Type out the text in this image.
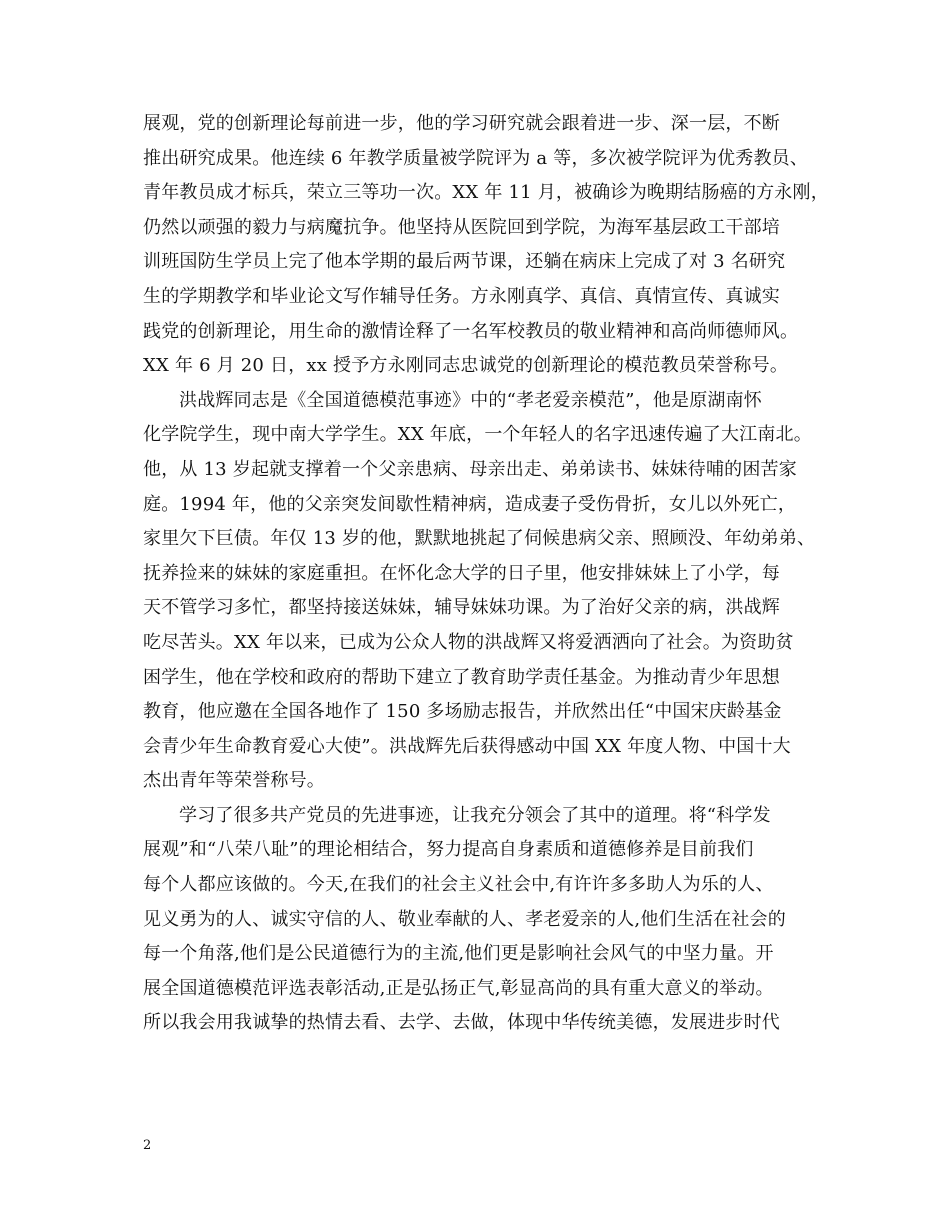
展观，党的创新理论每前进一步，他的学习研究就会跟着进一步、深一层，不断
推出研究成果。他连续 6 年教学质量被学院评为 a 等，多次被学院评为优秀教员、
青年教员成才标兵，荣立三等功一次。XX 年 11 月，被确诊为晚期结肠癌的方永刚，
仍然以顽强的毅力与病魔抗争。他坚持从医院回到学院，为海军基层政工干部培
训班国防生学员上完了他本学期的最后两节课，还躺在病床上完成了对 3 名研究
生的学期教学和毕业论文写作辅导任务。方永刚真学、真信、真情宣传、真诚实
践党的创新理论，用生命的激情诠释了一名军校教员的敬业精神和高尚师德师风。
XX 年 6 月 20 日，xx 授予方永刚同志忠诚党的创新理论的模范教员荣誉称号。
洪战辉同志是《全国道德模范事迹》中的“孝老爱亲模范”，他是原湖南怀
化学院学生，现中南大学学生。XX 年底，一个年轻人的名字迅速传遍了大江南北。
他，从 13 岁起就支撑着一个父亲患病、母亲出走、弟弟读书、妹妹待哺的困苦家
庭。1994 年，他的父亲突发间歇性精神病，造成妻子受伤骨折，女儿以外死亡，
家里欠下巨债。年仅 13 岁的他，默默地挑起了伺候患病父亲、照顾没、年幼弟弟、
抚养捡来的妹妹的家庭重担。在怀化念大学的日子里，他安排妹妹上了小学，每
天不管学习多忙，都坚持接送妹妹，辅导妹妹功课。为了治好父亲的病，洪战辉
吃尽苦头。XX 年以来，已成为公众人物的洪战辉又将爱洒洒向了社会。为资助贫
困学生，他在学校和政府的帮助下建立了教育助学责任基金。为推动青少年思想
教育，他应邀在全国各地作了 150 多场励志报告，并欣然出任“中国宋庆龄基金
会青少年生命教育爱心大使”。洪战辉先后获得感动中国 XX 年度人物、中国十大
杰出青年等荣誉称号。
学习了很多共产党员的先进事迹，让我充分领会了其中的道理。将“科学发
展观”和“八荣八耻”的理论相结合，努力提高自身素质和道德修养是目前我们
每个人都应该做的。今天,在我们的社会主义社会中,有许许多多助人为乐的人、
见义勇为的人、诚实守信的人、敬业奉献的人、孝老爱亲的人,他们生活在社会的
每一个角落,他们是公民道德行为的主流,他们更是影响社会风气的中坚力量。开
展全国道德模范评选表彰活动,正是弘扬正气,彰显高尚的具有重大意义的举动。
所以我会用我诚挚的热情去看、去学、去做，体现中华传统美德，发展进步时代
2
